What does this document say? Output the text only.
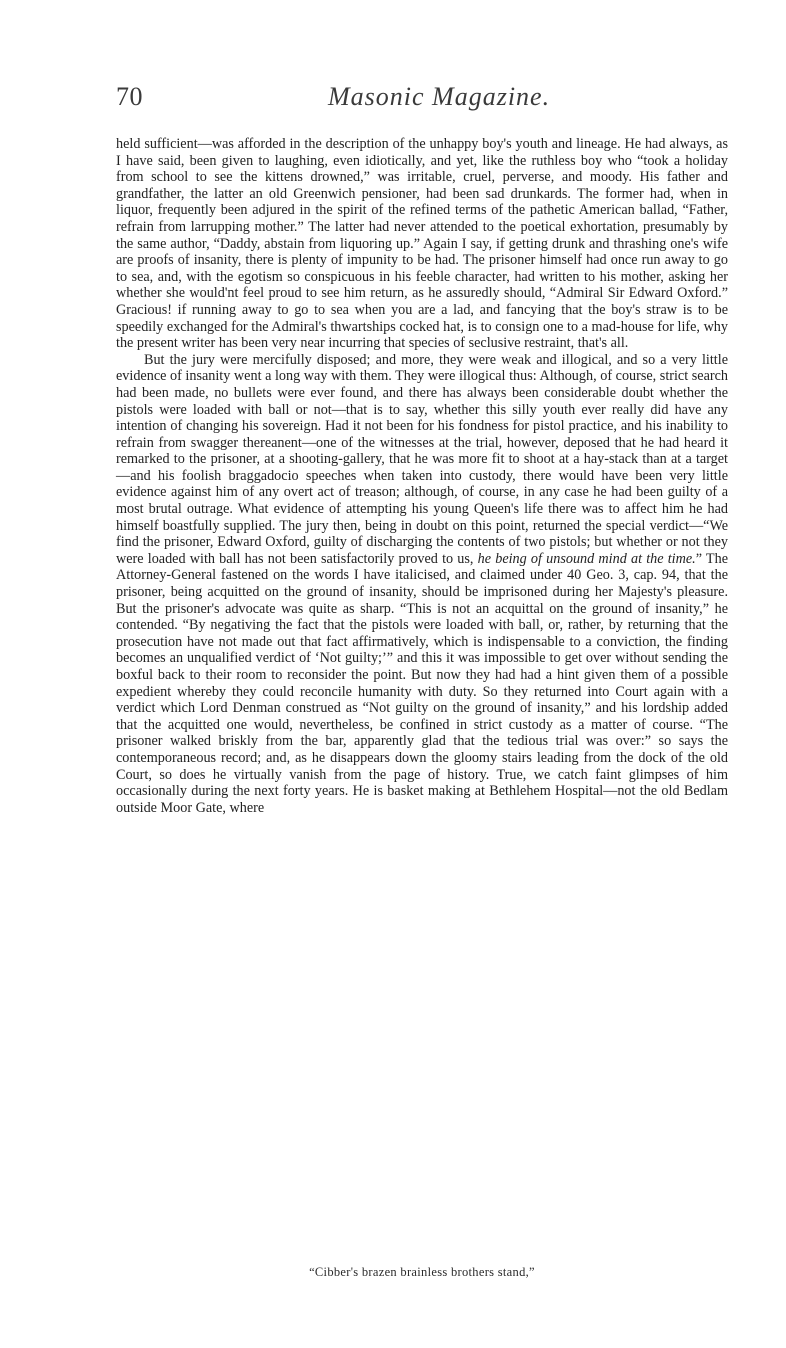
70	Masonic Magazine.

held sufficient—was afforded in the description of the unhappy boy's youth and lineage. He had always, as I have said, been given to laughing, even idiotically, and yet, like the ruthless boy who “took a holiday from school to see the kittens drowned,” was irritable, cruel, perverse, and moody. His father and grandfather, the latter an old Greenwich pensioner, had been sad drunkards. The former had, when in liquor, frequently been adjured in the spirit of the refined terms of the pathetic American ballad, “Father, refrain from larrupping mother.” The latter had never attended to the poetical exhortation, presumably by the same author, “Daddy, abstain from liquoring up.” Again I say, if getting drunk and thrashing one's wife are proofs of insanity, there is plenty of impunity to be had. The prisoner himself had once run away to go to sea, and, with the egotism so conspicuous in his feeble character, had written to his mother, asking her whether she would'nt feel proud to see him return, as he assuredly should, “Admiral Sir Edward Oxford.” Gracious! if running away to go to sea when you are a lad, and fancying that the boy's straw is to be speedily exchanged for the Admiral's thwartships cocked hat, is to consign one to a mad-house for life, why the present writer has been very near incurring that species of seclusive restraint, that's all.

But the jury were mercifully disposed; and more, they were weak and illogical, and so a very little evidence of insanity went a long way with them. They were illogical thus: Although, of course, strict search had been made, no bullets were ever found, and there has always been considerable doubt whether the pistols were loaded with ball or not—that is to say, whether this silly youth ever really did have any intention of changing his sovereign. Had it not been for his fondness for pistol practice, and his inability to refrain from swagger thereanent—one of the witnesses at the trial, however, deposed that he had heard it remarked to the prisoner, at a shooting-gallery, that he was more fit to shoot at a hay-stack than at a target—and his foolish braggadocio speeches when taken into custody, there would have been very little evidence against him of any overt act of treason; although, of course, in any case he had been guilty of a most brutal outrage. What evidence of attempting his young Queen's life there was to affect him he had himself boastfully supplied. The jury then, being in doubt on this point, returned the special verdict—“We find the prisoner, Edward Oxford, guilty of discharging the contents of two pistols; but whether or not they were loaded with ball has not been satisfactorily proved to us, he being of unsound mind at the time.” The Attorney-General fastened on the words I have italicised, and claimed under 40 Geo. 3, cap. 94, that the prisoner, being acquitted on the ground of insanity, should be imprisoned during her Majesty's pleasure. But the prisoner's advocate was quite as sharp. “This is not an acquittal on the ground of insanity,” he contended. “By negativing the fact that the pistols were loaded with ball, or, rather, by returning that the prosecution have not made out that fact affirmatively, which is indispensable to a conviction, the finding becomes an unqualified verdict of ‘Not guilty;’” and this it was impossible to get over without sending the boxful back to their room to reconsider the point. But now they had had a hint given them of a possible expedient whereby they could reconcile humanity with duty. So they returned into Court again with a verdict which Lord Denman construed as “Not guilty on the ground of insanity,” and his lordship added that the acquitted one would, nevertheless, be confined in strict custody as a matter of course. “The prisoner walked briskly from the bar, apparently glad that the tedious trial was over:” so says the contemporaneous record; and, as he disappears down the gloomy stairs leading from the dock of the old Court, so does he virtually vanish from the page of history. True, we catch faint glimpses of him occasionally during the next forty years. He is basket making at Bethlehem Hospital—not the old Bedlam outside Moor Gate, where

“Cibber's brazen brainless brothers stand,”
